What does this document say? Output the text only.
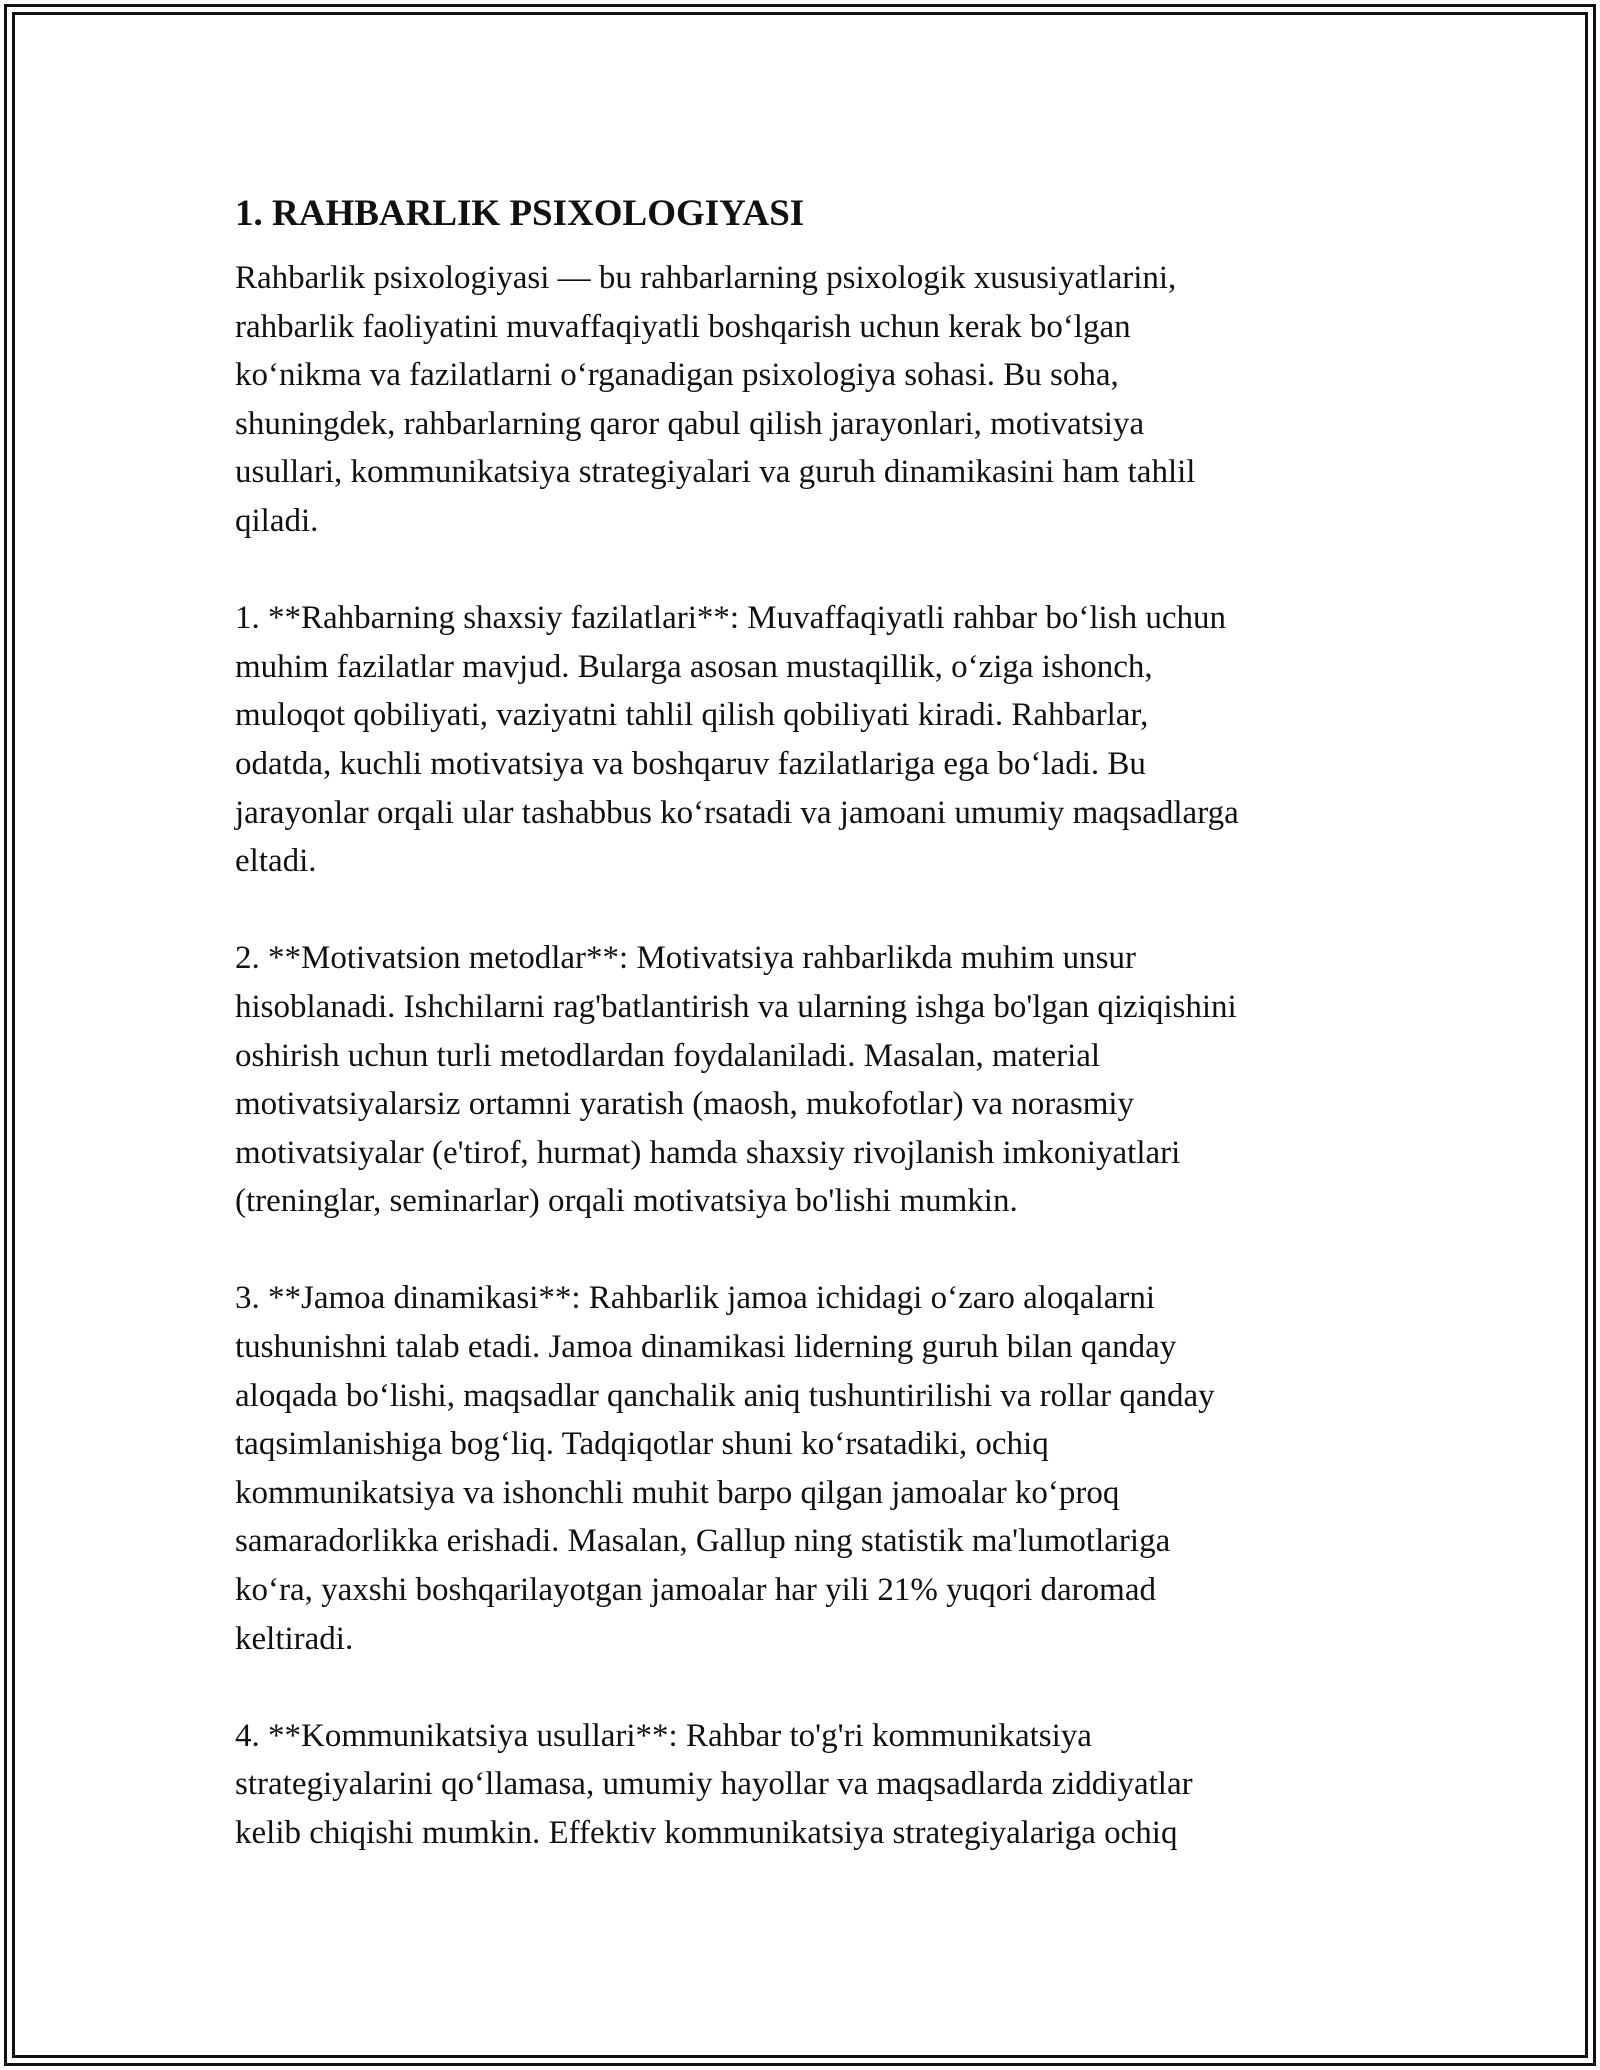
1. RAHBARLIK PSIXOLOGIYASI
Rahbarlik psixologiyasi — bu rahbarlarning psixologik xususiyatlarini,
rahbarlik faoliyatini muvaffaqiyatli boshqarish uchun kerak bo‘lgan
ko‘nikma va fazilatlarni o‘rganadigan psixologiya sohasi. Bu soha,
shuningdek, rahbarlarning qaror qabul qilish jarayonlari, motivatsiya
usullari, kommunikatsiya strategiyalari va guruh dinamikasini ham tahlil
qiladi.
1. **Rahbarning shaxsiy fazilatlari**: Muvaffaqiyatli rahbar bo‘lish uchun
muhim fazilatlar mavjud. Bularga asosan mustaqillik, o‘ziga ishonch,
muloqot qobiliyati, vaziyatni tahlil qilish qobiliyati kiradi. Rahbarlar,
odatda, kuchli motivatsiya va boshqaruv fazilatlariga ega bo‘ladi. Bu
jarayonlar orqali ular tashabbus ko‘rsatadi va jamoani umumiy maqsadlarga
eltadi.
2. **Motivatsion metodlar**: Motivatsiya rahbarlikda muhim unsur
hisoblanadi. Ishchilarni rag'batlantirish va ularning ishga bo'lgan qiziqishini
oshirish uchun turli metodlardan foydalaniladi. Masalan, material
motivatsiyalarsiz ortamni yaratish (maosh, mukofotlar) va norasmiy
motivatsiyalar (e'tirof, hurmat) hamda shaxsiy rivojlanish imkoniyatlari
(treninglar, seminarlar) orqali motivatsiya bo'lishi mumkin.
3. **Jamoa dinamikasi**: Rahbarlik jamoa ichidagi o‘zaro aloqalarni
tushunishni talab etadi. Jamoa dinamikasi liderning guruh bilan qanday
aloqada bo‘lishi, maqsadlar qanchalik aniq tushuntirilishi va rollar qanday
taqsimlanishiga bog‘liq. Tadqiqotlar shuni ko‘rsatadiki, ochiq
kommunikatsiya va ishonchli muhit barpo qilgan jamoalar ko‘proq
samaradorlikka erishadi. Masalan, Gallup ning statistik ma'lumotlariga
ko‘ra, yaxshi boshqarilayotgan jamoalar har yili 21% yuqori daromad
keltiradi.
4. **Kommunikatsiya usullari**: Rahbar to'g'ri kommunikatsiya
strategiyalarini qo‘llamasa, umumiy hayollar va maqsadlarda ziddiyatlar
kelib chiqishi mumkin. Effektiv kommunikatsiya strategiyalariga ochiq
